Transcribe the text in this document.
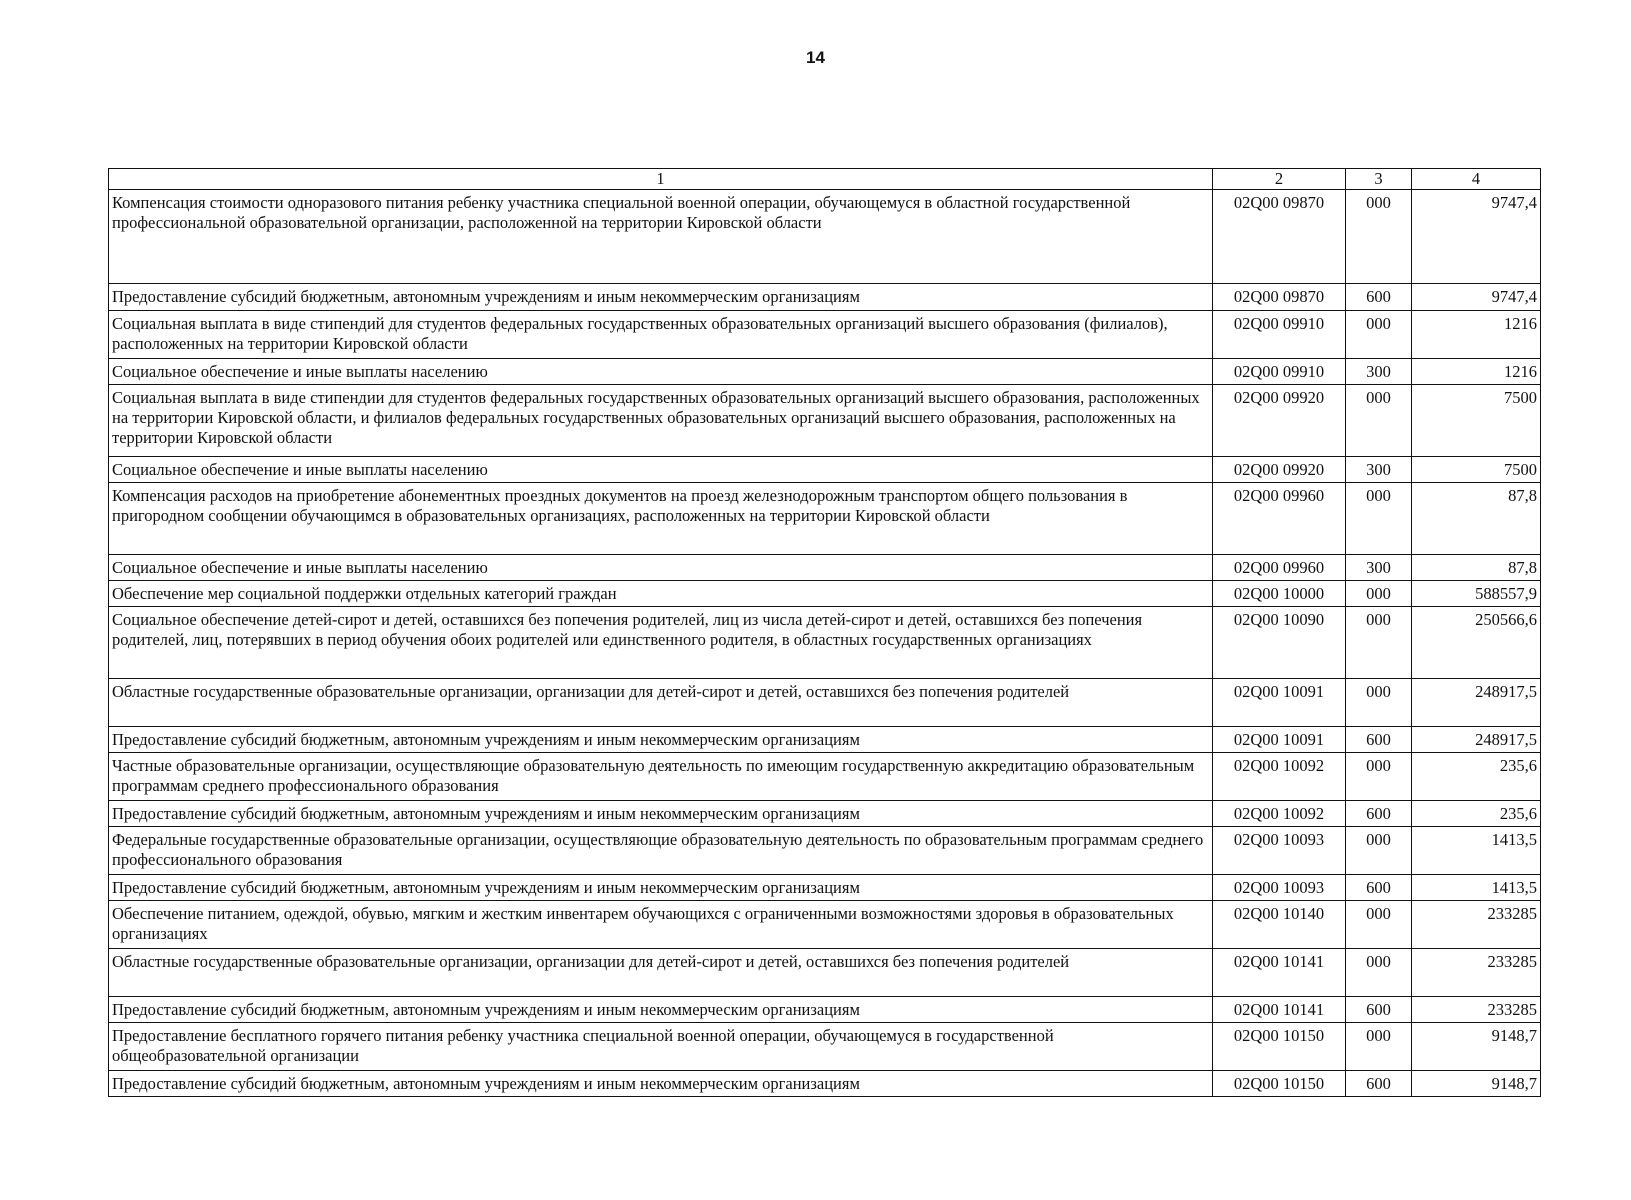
14
1	2	3	4
Компенсация стоимости одноразового питания ребенку участника специальной военной операции, обучающемуся в областной государственной профессиональной образовательной организации, расположенной на территории Кировской области	02Q00 09870	000	9747,4
Предоставление субсидий бюджетным, автономным учреждениям и иным некоммерческим организациям	02Q00 09870	600	9747,4
Социальная выплата в виде стипендий для студентов федеральных государственных образовательных организаций высшего образования (филиалов), расположенных на территории Кировской области	02Q00 09910	000	1216
Социальное обеспечение и иные выплаты населению	02Q00 09910	300	1216
Социальная выплата в виде стипендии для студентов федеральных государственных образовательных организаций высшего образования, расположенных на территории Кировской области, и филиалов федеральных государственных образовательных организаций высшего образования, расположенных на территории Кировской области	02Q00 09920	000	7500
Социальное обеспечение и иные выплаты населению	02Q00 09920	300	7500
Компенсация расходов на приобретение абонементных проездных документов на проезд железнодорожным транспортом общего пользования в пригородном сообщении обучающимся в образовательных организациях, расположенных на территории Кировской области	02Q00 09960	000	87,8
Социальное обеспечение и иные выплаты населению	02Q00 09960	300	87,8
Обеспечение мер социальной поддержки отдельных категорий граждан	02Q00 10000	000	588557,9
Социальное обеспечение детей-сирот и детей, оставшихся без попечения родителей, лиц из числа детей-сирот и детей, оставшихся без попечения родителей, лиц, потерявших в период обучения обоих родителей или единственного родителя, в областных государственных организациях	02Q00 10090	000	250566,6
Областные государственные образовательные организации, организации для детей-сирот и детей, оставшихся без попечения родителей	02Q00 10091	000	248917,5
Предоставление субсидий бюджетным, автономным учреждениям и иным некоммерческим организациям	02Q00 10091	600	248917,5
Частные образовательные организации, осуществляющие образовательную деятельность по имеющим государственную аккредитацию образовательным программам среднего профессионального образования	02Q00 10092	000	235,6
Предоставление субсидий бюджетным, автономным учреждениям и иным некоммерческим организациям	02Q00 10092	600	235,6
Федеральные государственные образовательные организации, осуществляющие образовательную деятельность по образовательным программам среднего профессионального образования	02Q00 10093	000	1413,5
Предоставление субсидий бюджетным, автономным учреждениям и иным некоммерческим организациям	02Q00 10093	600	1413,5
Обеспечение питанием, одеждой, обувью, мягким и жестким инвентарем обучающихся с ограниченными возможностями здоровья в образовательных организациях	02Q00 10140	000	233285
Областные государственные образовательные организации, организации для детей-сирот и детей, оставшихся без попечения родителей	02Q00 10141	000	233285
Предоставление субсидий бюджетным, автономным учреждениям и иным некоммерческим организациям	02Q00 10141	600	233285
Предоставление бесплатного горячего питания ребенку участника специальной военной операции, обучающемуся в государственной общеобразовательной организации	02Q00 10150	000	9148,7
Предоставление субсидий бюджетным, автономным учреждениям и иным некоммерческим организациям	02Q00 10150	600	9148,7
